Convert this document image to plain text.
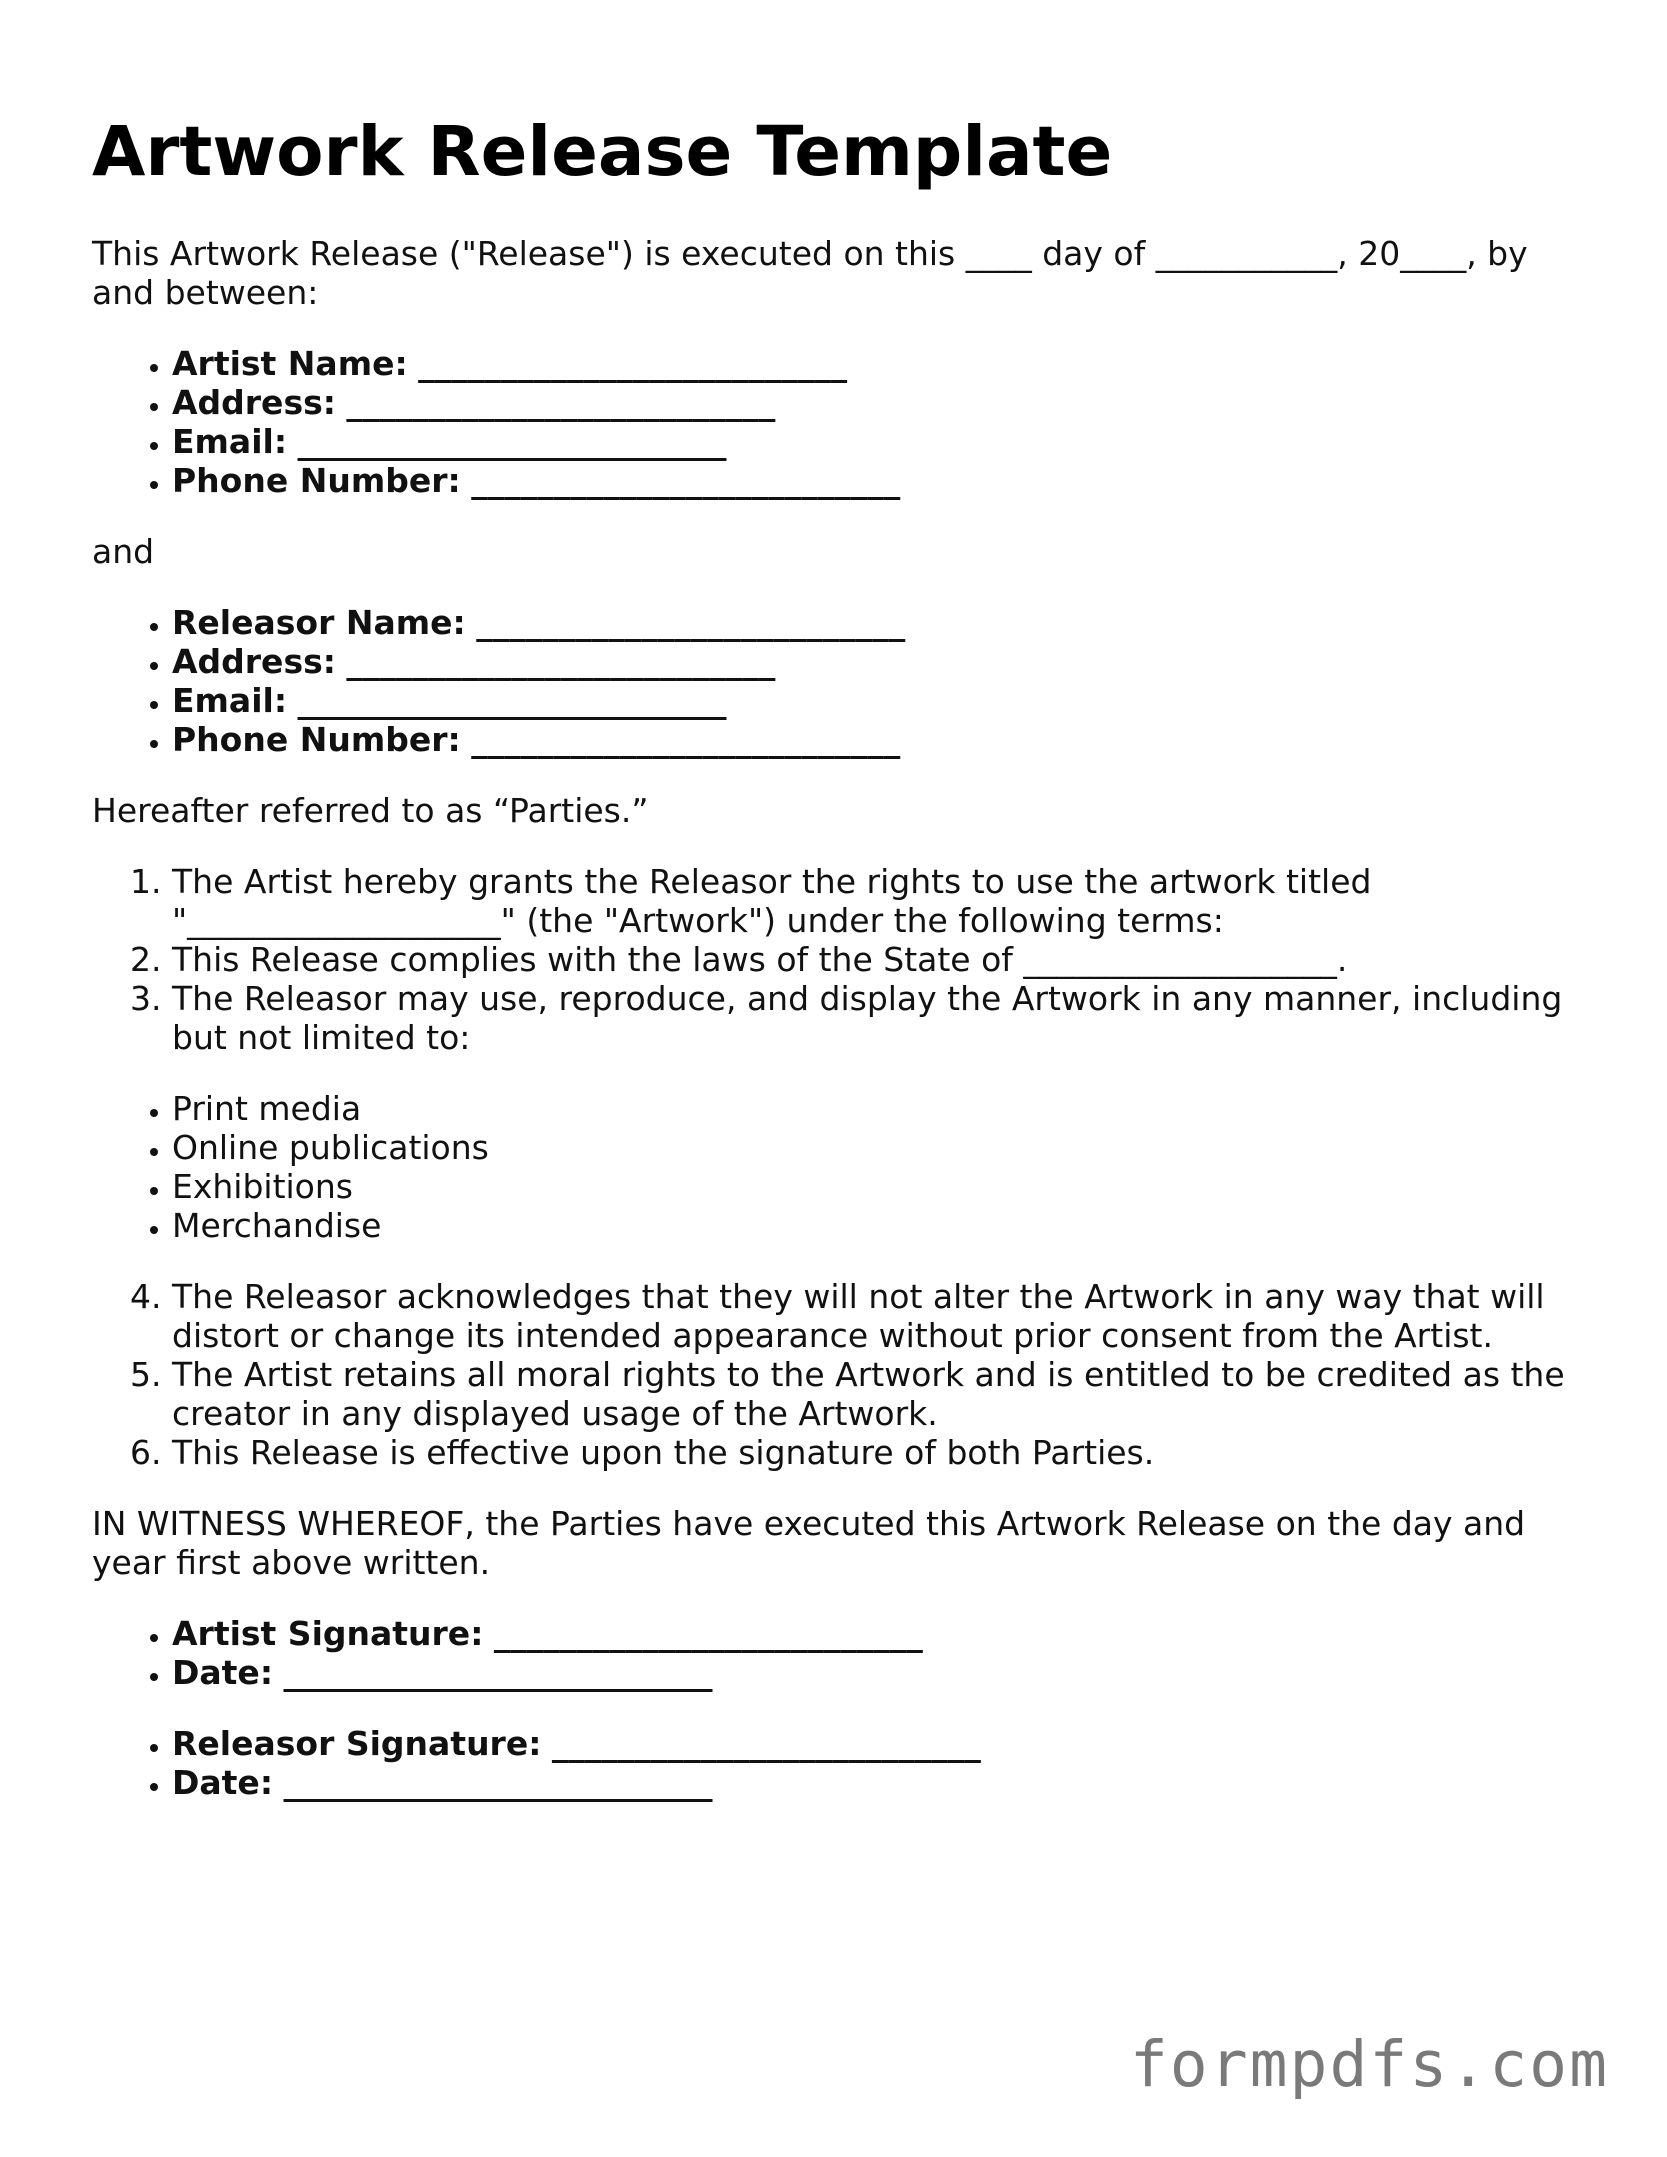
Artwork Release Template

This Artwork Release ("Release") is executed on this ____ day of ___________, 20____, by and between:

• Artist Name: __________________________
• Address: __________________________
• Email: __________________________
• Phone Number: __________________________

and

• Releasor Name: __________________________
• Address: __________________________
• Email: __________________________
• Phone Number: __________________________

Hereafter referred to as “Parties.”

1. The Artist hereby grants the Releasor the rights to use the artwork titled "___________________" (the "Artwork") under the following terms:
2. This Release complies with the laws of the State of ___________________.
3. The Releasor may use, reproduce, and display the Artwork in any manner, including but not limited to:
• Print media
• Online publications
• Exhibitions
• Merchandise
4. The Releasor acknowledges that they will not alter the Artwork in any way that will distort or change its intended appearance without prior consent from the Artist.
5. The Artist retains all moral rights to the Artwork and is entitled to be credited as the creator in any displayed usage of the Artwork.
6. This Release is effective upon the signature of both Parties.

IN WITNESS WHEREOF, the Parties have executed this Artwork Release on the day and year first above written.

• Artist Signature: __________________________
• Date: __________________________
• Releasor Signature: __________________________
• Date: __________________________
formpdfs.com
